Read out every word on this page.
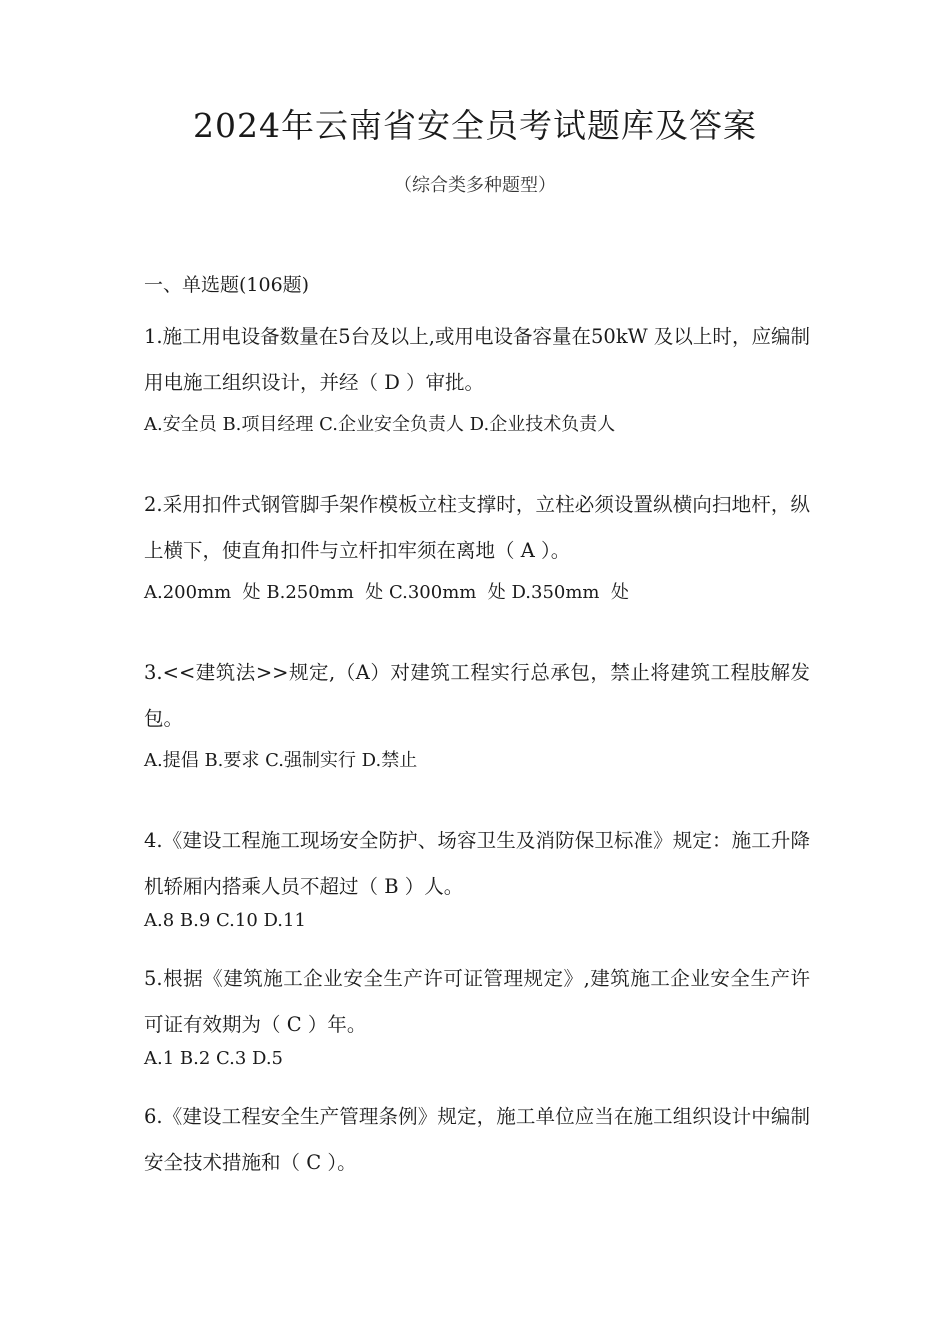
2024年云南省安全员考试题库及答案
（综合类多种题型）
一、单选题(106题)

1.施工用电设备数量在5台及以上,或用电设备容量在50kW 及以上时，应编制用电施工组织设计，并经（ D ）审批。

A.安全员 B.项目经理 C.企业安全负责人 D.企业技术负责人

2.采用扣件式钢管脚手架作模板立柱支撑时，立柱必须设置纵横向扫地杆，纵上横下，使直角扣件与立杆扣牢须在离地（ A ）。

A.200mm  处 B.250mm  处 C.300mm  处 D.350mm  处

3.<<建筑法>>规定,（A）对建筑工程实行总承包，禁止将建筑工程肢解发包。

A.提倡 B.要求 C.强制实行 D.禁止

4.《建设工程施工现场安全防护、场容卫生及消防保卫标准》规定：施工升降机轿厢内搭乘人员不超过（ B ）人。

A.8 B.9 C.10 D.11

5.根据《建筑施工企业安全生产许可证管理规定》,建筑施工企业安全生产许可证有效期为（ C ）年。

A.1 B.2 C.3 D.5

6.《建设工程安全生产管理条例》规定，施工单位应当在施工组织设计中编制安全技术措施和（ C ）。
